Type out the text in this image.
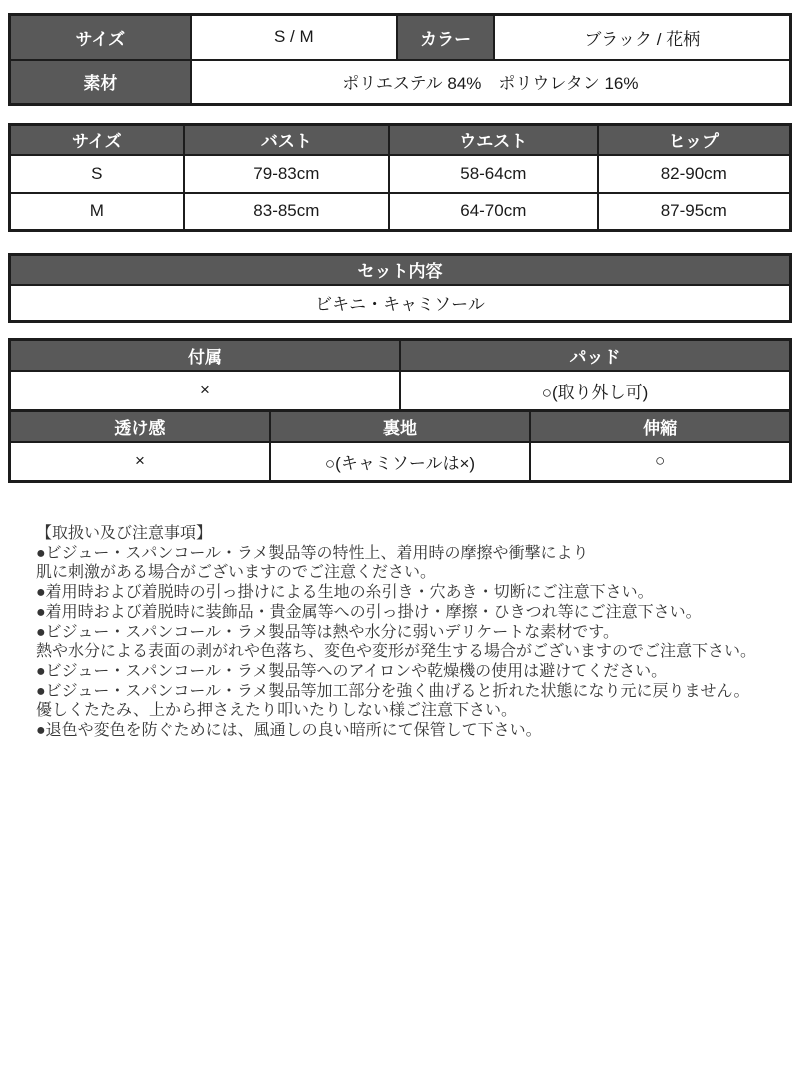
サイズ	S / M	カラー	ブラック / 花柄
素材	ポリエステル 84%　ポリウレタン 16%		
サイズ	バスト	ウエスト	ヒップ
S	79-83cm	58-64cm	82-90cm
M	83-85cm	64-70cm	87-95cm
セット内容
ビキニ・キャミソール
付属	パッド
×	○(取り外し可)
透け感	裏地	伸縮
×	○(キャミソールは×)	○
【取扱い及び注意事項】
●ビジュー・スパンコール・ラメ製品等の特性上、着用時の摩擦や衝撃により
肌に刺激がある場合がございますのでご注意ください。
●着用時および着脱時の引っ掛けによる生地の糸引き・穴あき・切断にご注意下さい。
●着用時および着脱時に装飾品・貴金属等への引っ掛け・摩擦・ひきつれ等にご注意下さい。
●ビジュー・スパンコール・ラメ製品等は熱や水分に弱いデリケートな素材です。
熱や水分による表面の剥がれや色落ち、変色や変形が発生する場合がございますのでご注意下さい。
●ビジュー・スパンコール・ラメ製品等へのアイロンや乾燥機の使用は避けてください。
●ビジュー・スパンコール・ラメ製品等加工部分を強く曲げると折れた状態になり元に戻りません。
優しくたたみ、上から押さえたり叩いたりしない様ご注意下さい。
●退色や変色を防ぐためには、風通しの良い暗所にて保管して下さい。
